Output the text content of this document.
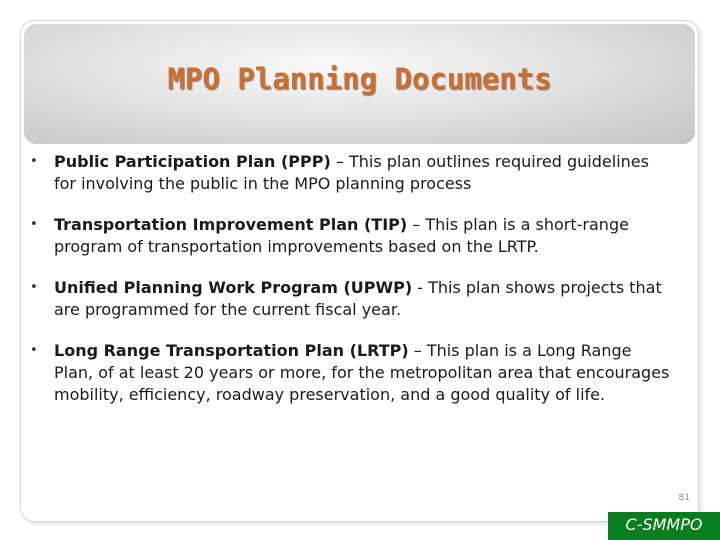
MPO Planning Documents
• Public Participation Plan (PPP) – This plan outlines required guidelines for involving the public in the MPO planning process
• Transportation Improvement Plan (TIP) – This plan is a short-range program of transportation improvements based on the LRTP.
• Unified Planning Work Program (UPWP) - This plan shows projects that are programmed for the current fiscal year.
• Long Range Transportation Plan (LRTP) – This plan is a Long Range Plan, of at least 20 years or more, for the metropolitan area that encourages mobility, efficiency, roadway preservation, and a good quality of life.
81
C-SMMPO
